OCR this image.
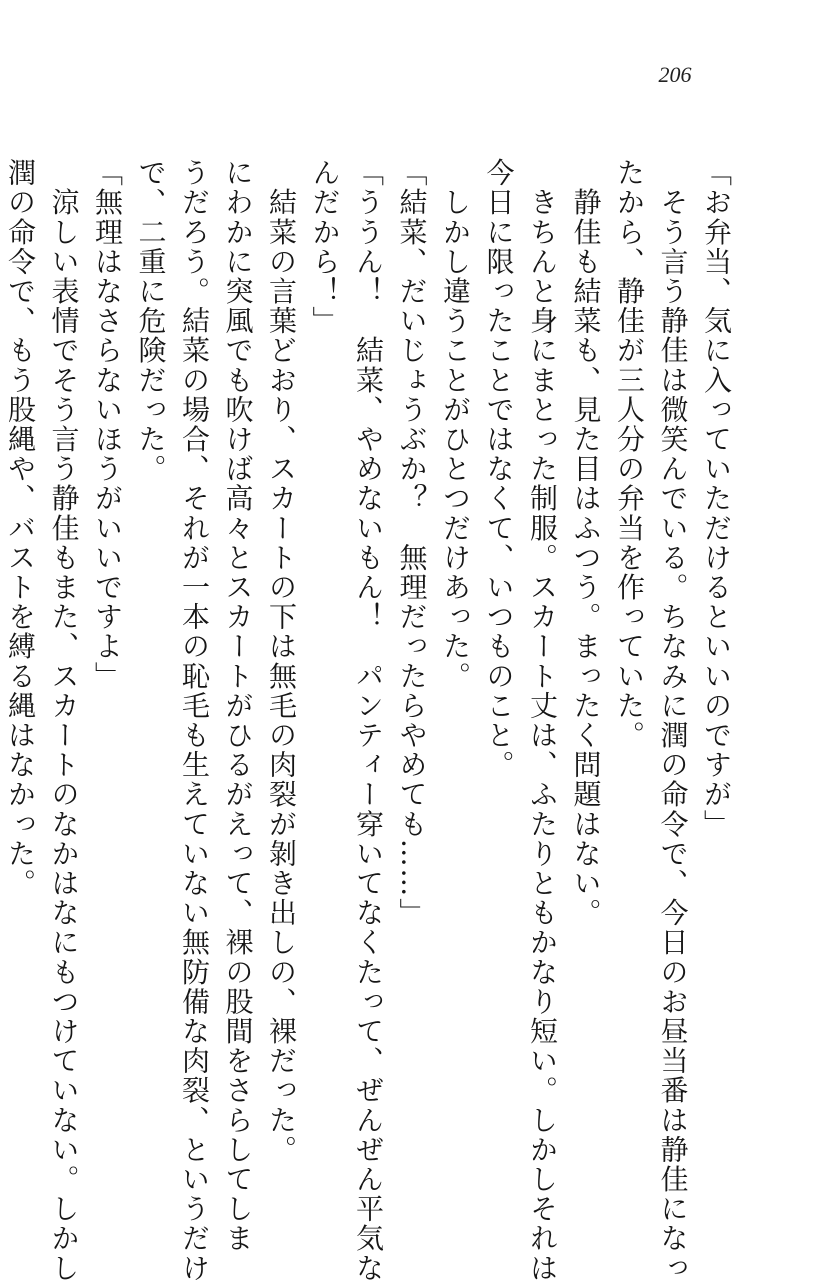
206

「お弁当、気に入っていただけるといいのですが」
　そう言う静佳は微笑んでいる。ちなみに潤の命令で、今日のお昼当番は静佳になっ
たから、静佳が三人分の弁当を作っていた。
　静佳も結菜も、見た目はふつう。まったく問題はない。
　きちんと身にまとった制服。スカート丈は、ふたりともかなり短い。しかしそれは
今日に限ったことではなくて、いつものこと。
　しかし違うことがひとつだけあった。
「結菜、だいじょうぶか？　無理だったらやめても……」
「ううん！　結菜、やめないもん！　パンティー穿いてなくたって、ぜんぜん平気な
んだから！」
　結菜の言葉どおり、スカートの下は無毛の肉裂が剝き出しの、裸だった。
にわかに突風でも吹けば高々とスカートがひるがえって、裸の股間をさらしてしま
うだろう。結菜の場合、それが一本の恥毛も生えていない無防備な肉裂、というだけ
で、二重に危険だった。
「無理はなさらないほうがいいですよ」
　涼しい表情でそう言う静佳もまた、スカートのなかはなにもつけていない。しかし
潤の命令で、もう股縄や、バストを縛る縄はなかった。
